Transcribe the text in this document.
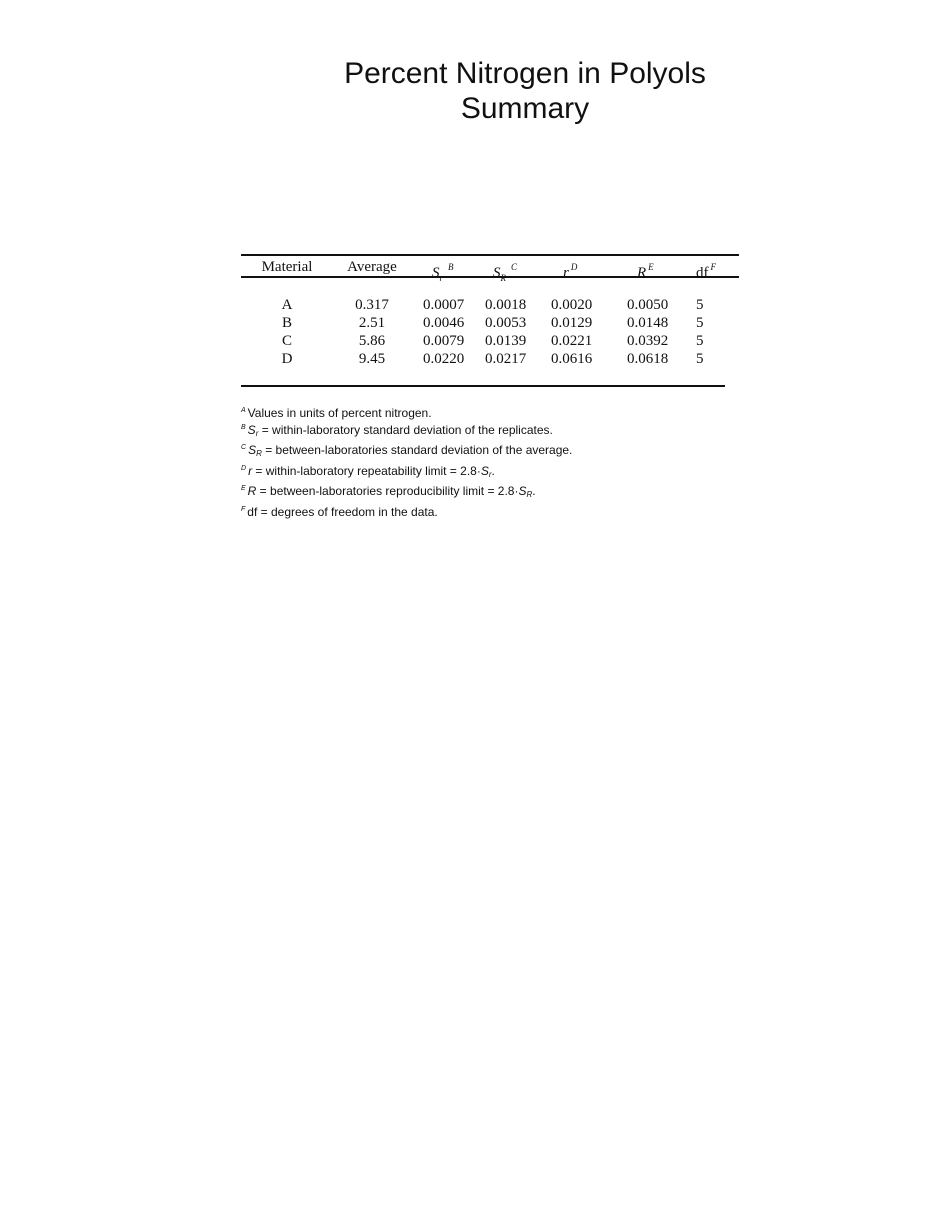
Percent Nitrogen in Polyols
Summary
Material	Average	$S_r^B$	$S_R^C$	r $^D$	R $^E$	df $^F$
A	0.317	0.0007	0.0018	0.0020	0.0050	5
B	2.51	0.0046	0.0053	0.0129	0.0148	5
C	5.86	0.0079	0.0139	0.0221	0.0392	5
D	9.45	0.0220	0.0217	0.0616	0.0618	5
$^A$ Values in units of percent nitrogen.
$^B$ Sr = within-laboratory standard deviation of the replicates.
$^C$ SR = between-laboratories standard deviation of the average.
$^D$ r = within-laboratory repeatability limit = 2.8·Sr.
$^E$ R = between-laboratories reproducibility limit = 2.8·SR.
$^F$ df = degrees of freedom in the data.
